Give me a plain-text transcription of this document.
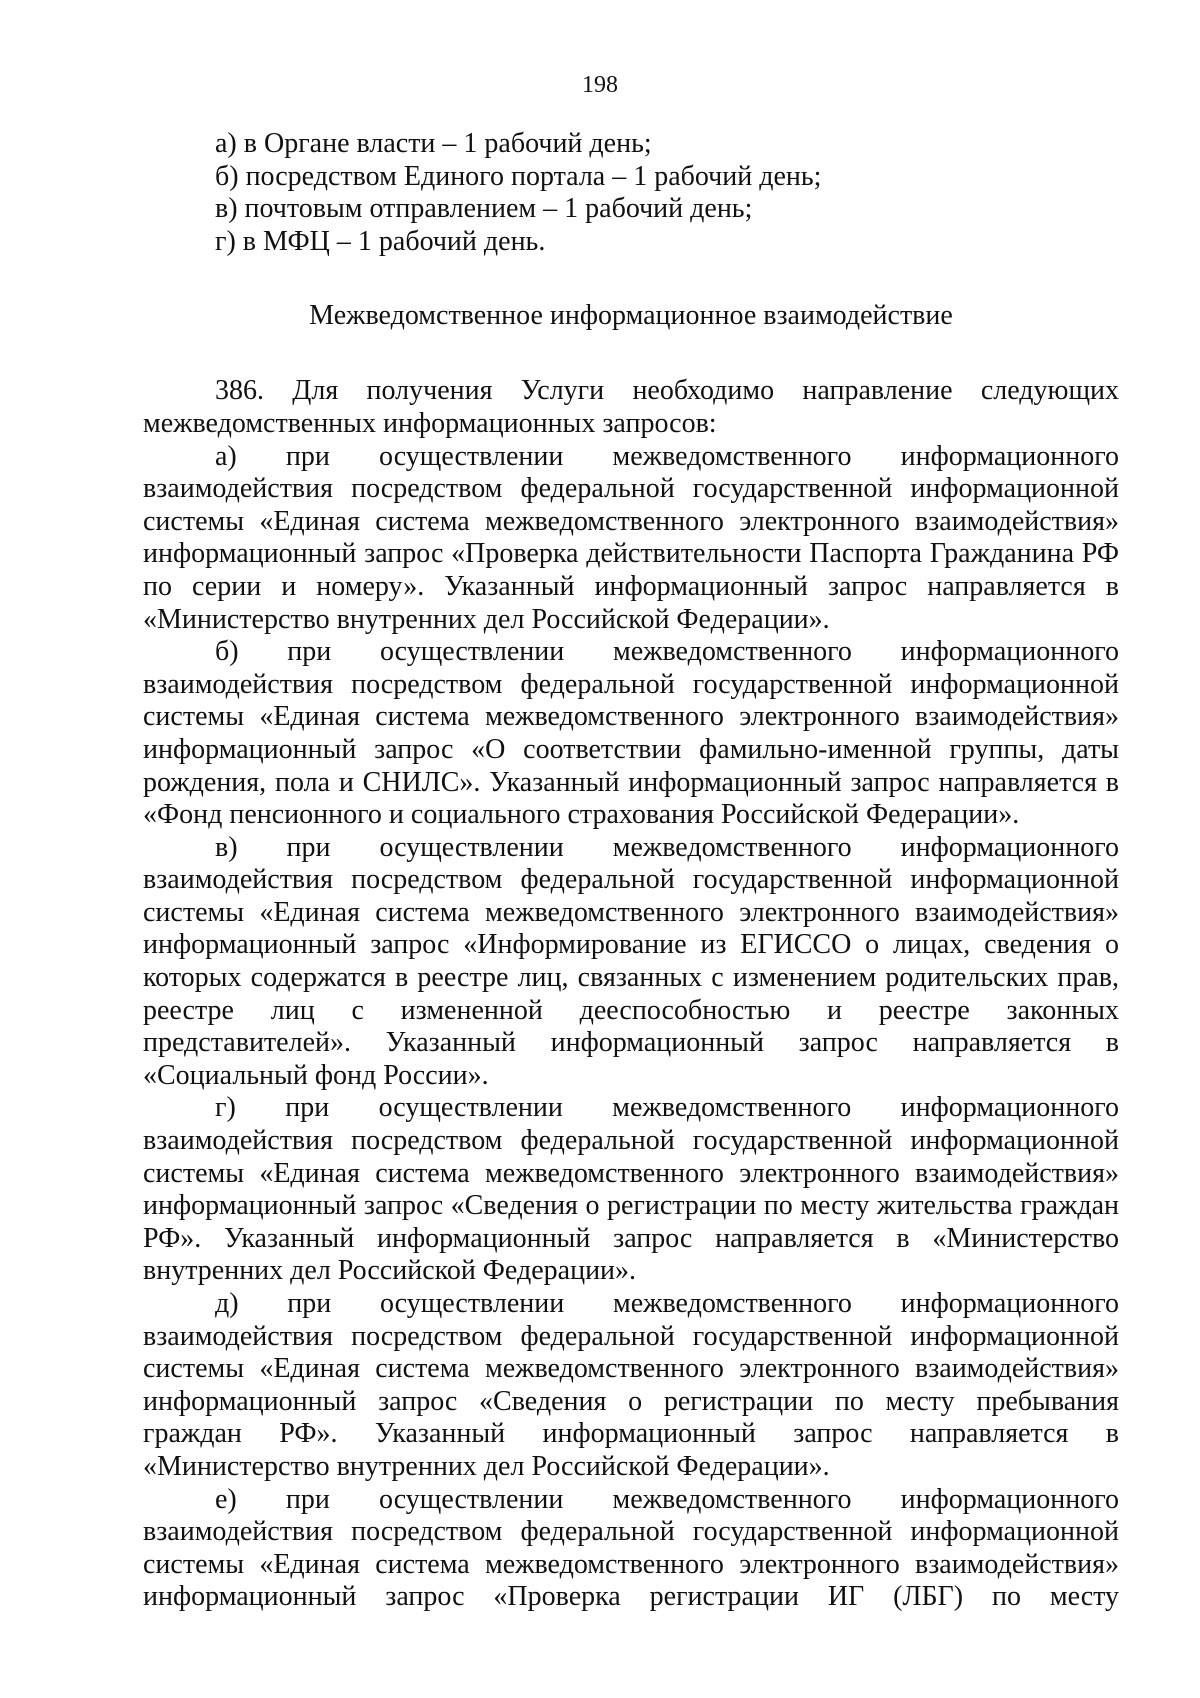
198

а) в Органе власти – 1 рабочий день;

б) посредством Единого портала – 1 рабочий день;

в) почтовым отправлением – 1 рабочий день;

г) в МФЦ – 1 рабочий день.

Межведомственное информационное взаимодействие

386. Для получения Услуги необходимо направление следующих межведомственных информационных запросов:

а) при осуществлении межведомственного информационного взаимодействия посредством федеральной государственной информационной системы «Единая система межведомственного электронного взаимодействия» информационный запрос «Проверка действительности Паспорта Гражданина РФ по серии и номеру». Указанный информационный запрос направляется в «Министерство внутренних дел Российской Федерации».

б) при осуществлении межведомственного информационного взаимодействия посредством федеральной государственной информационной системы «Единая система межведомственного электронного взаимодействия» информационный запрос «О соответствии фамильно-именной группы, даты рождения, пола и СНИЛС». Указанный информационный запрос направляется в «Фонд пенсионного и социального страхования Российской Федерации».

в) при осуществлении межведомственного информационного взаимодействия посредством федеральной государственной информационной системы «Единая система межведомственного электронного взаимодействия» информационный запрос «Информирование из ЕГИССО о лицах, сведения о которых содержатся в реестре лиц, связанных с изменением родительских прав, реестре лиц с измененной дееспособностью и реестре законных представителей». Указанный информационный запрос направляется в «Социальный фонд России».

г) при осуществлении межведомственного информационного взаимодействия посредством федеральной государственной информационной системы «Единая система межведомственного электронного взаимодействия» информационный запрос «Сведения о регистрации по месту жительства граждан РФ». Указанный информационный запрос направляется в «Министерство внутренних дел Российской Федерации».

д) при осуществлении межведомственного информационного взаимодействия посредством федеральной государственной информационной системы «Единая система межведомственного электронного взаимодействия» информационный запрос «Сведения о регистрации по месту пребывания граждан РФ». Указанный информационный запрос направляется в «Министерство внутренних дел Российской Федерации».

е) при осуществлении межведомственного информационного взаимодействия посредством федеральной государственной информационной системы «Единая система межведомственного электронного взаимодействия» информационный запрос «Проверка регистрации ИГ (ЛБГ) по месту
